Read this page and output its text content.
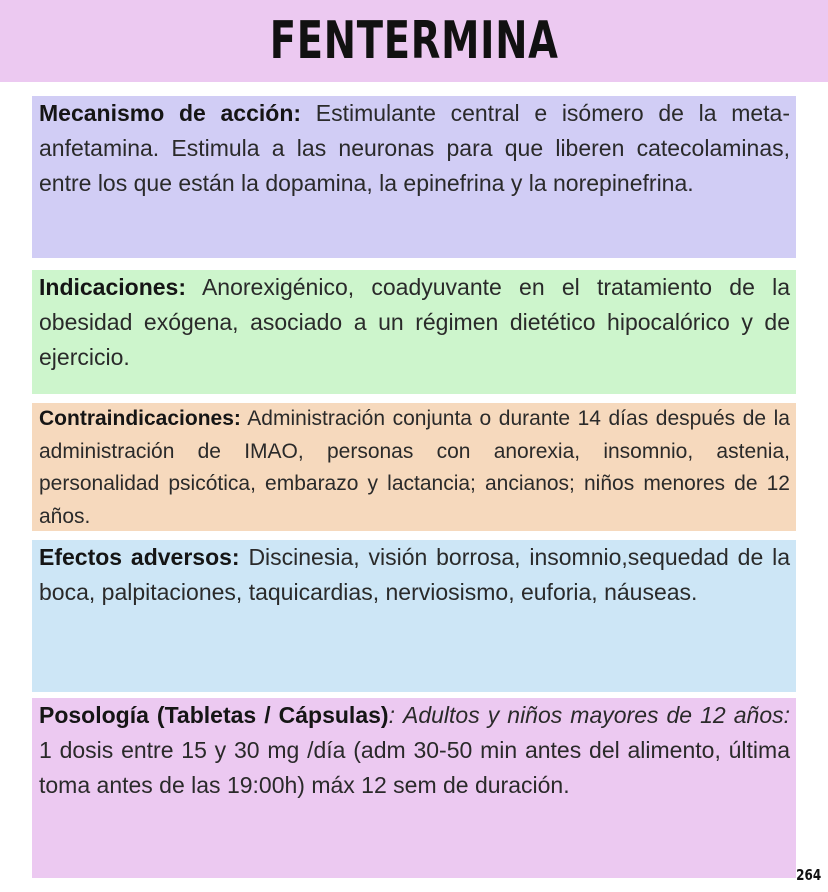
FENTERMINA

Mecanismo de acción: Estimulante central e isómero de la meta-anfetamina. Estimula a las neuronas para que liberen catecolaminas, entre los que están la dopamina, la epinefrina y la norepinefrina.

Indicaciones: Anorexigénico, coadyuvante en el tratamiento de la obesidad exógena, asociado a un régimen dietético hipocalórico y de ejercicio.

Contraindicaciones: Administración conjunta o durante 14 días después de la administración de IMAO, personas con anorexia, insomnio, astenia, personalidad psicótica, embarazo y lactancia; ancianos; niños menores de 12 años.

Efectos adversos: Discinesia, visión borrosa, insomnio,sequedad de la boca, palpitaciones, taquicardias, nerviosismo, euforia, náuseas.

Posología (Tabletas / Cápsulas): Adultos y niños mayores de 12 años: 1 dosis entre 15 y 30 mg /día (adm 30-50 min antes del alimento, última toma antes de las 19:00h) máx 12 sem de duración.

264
